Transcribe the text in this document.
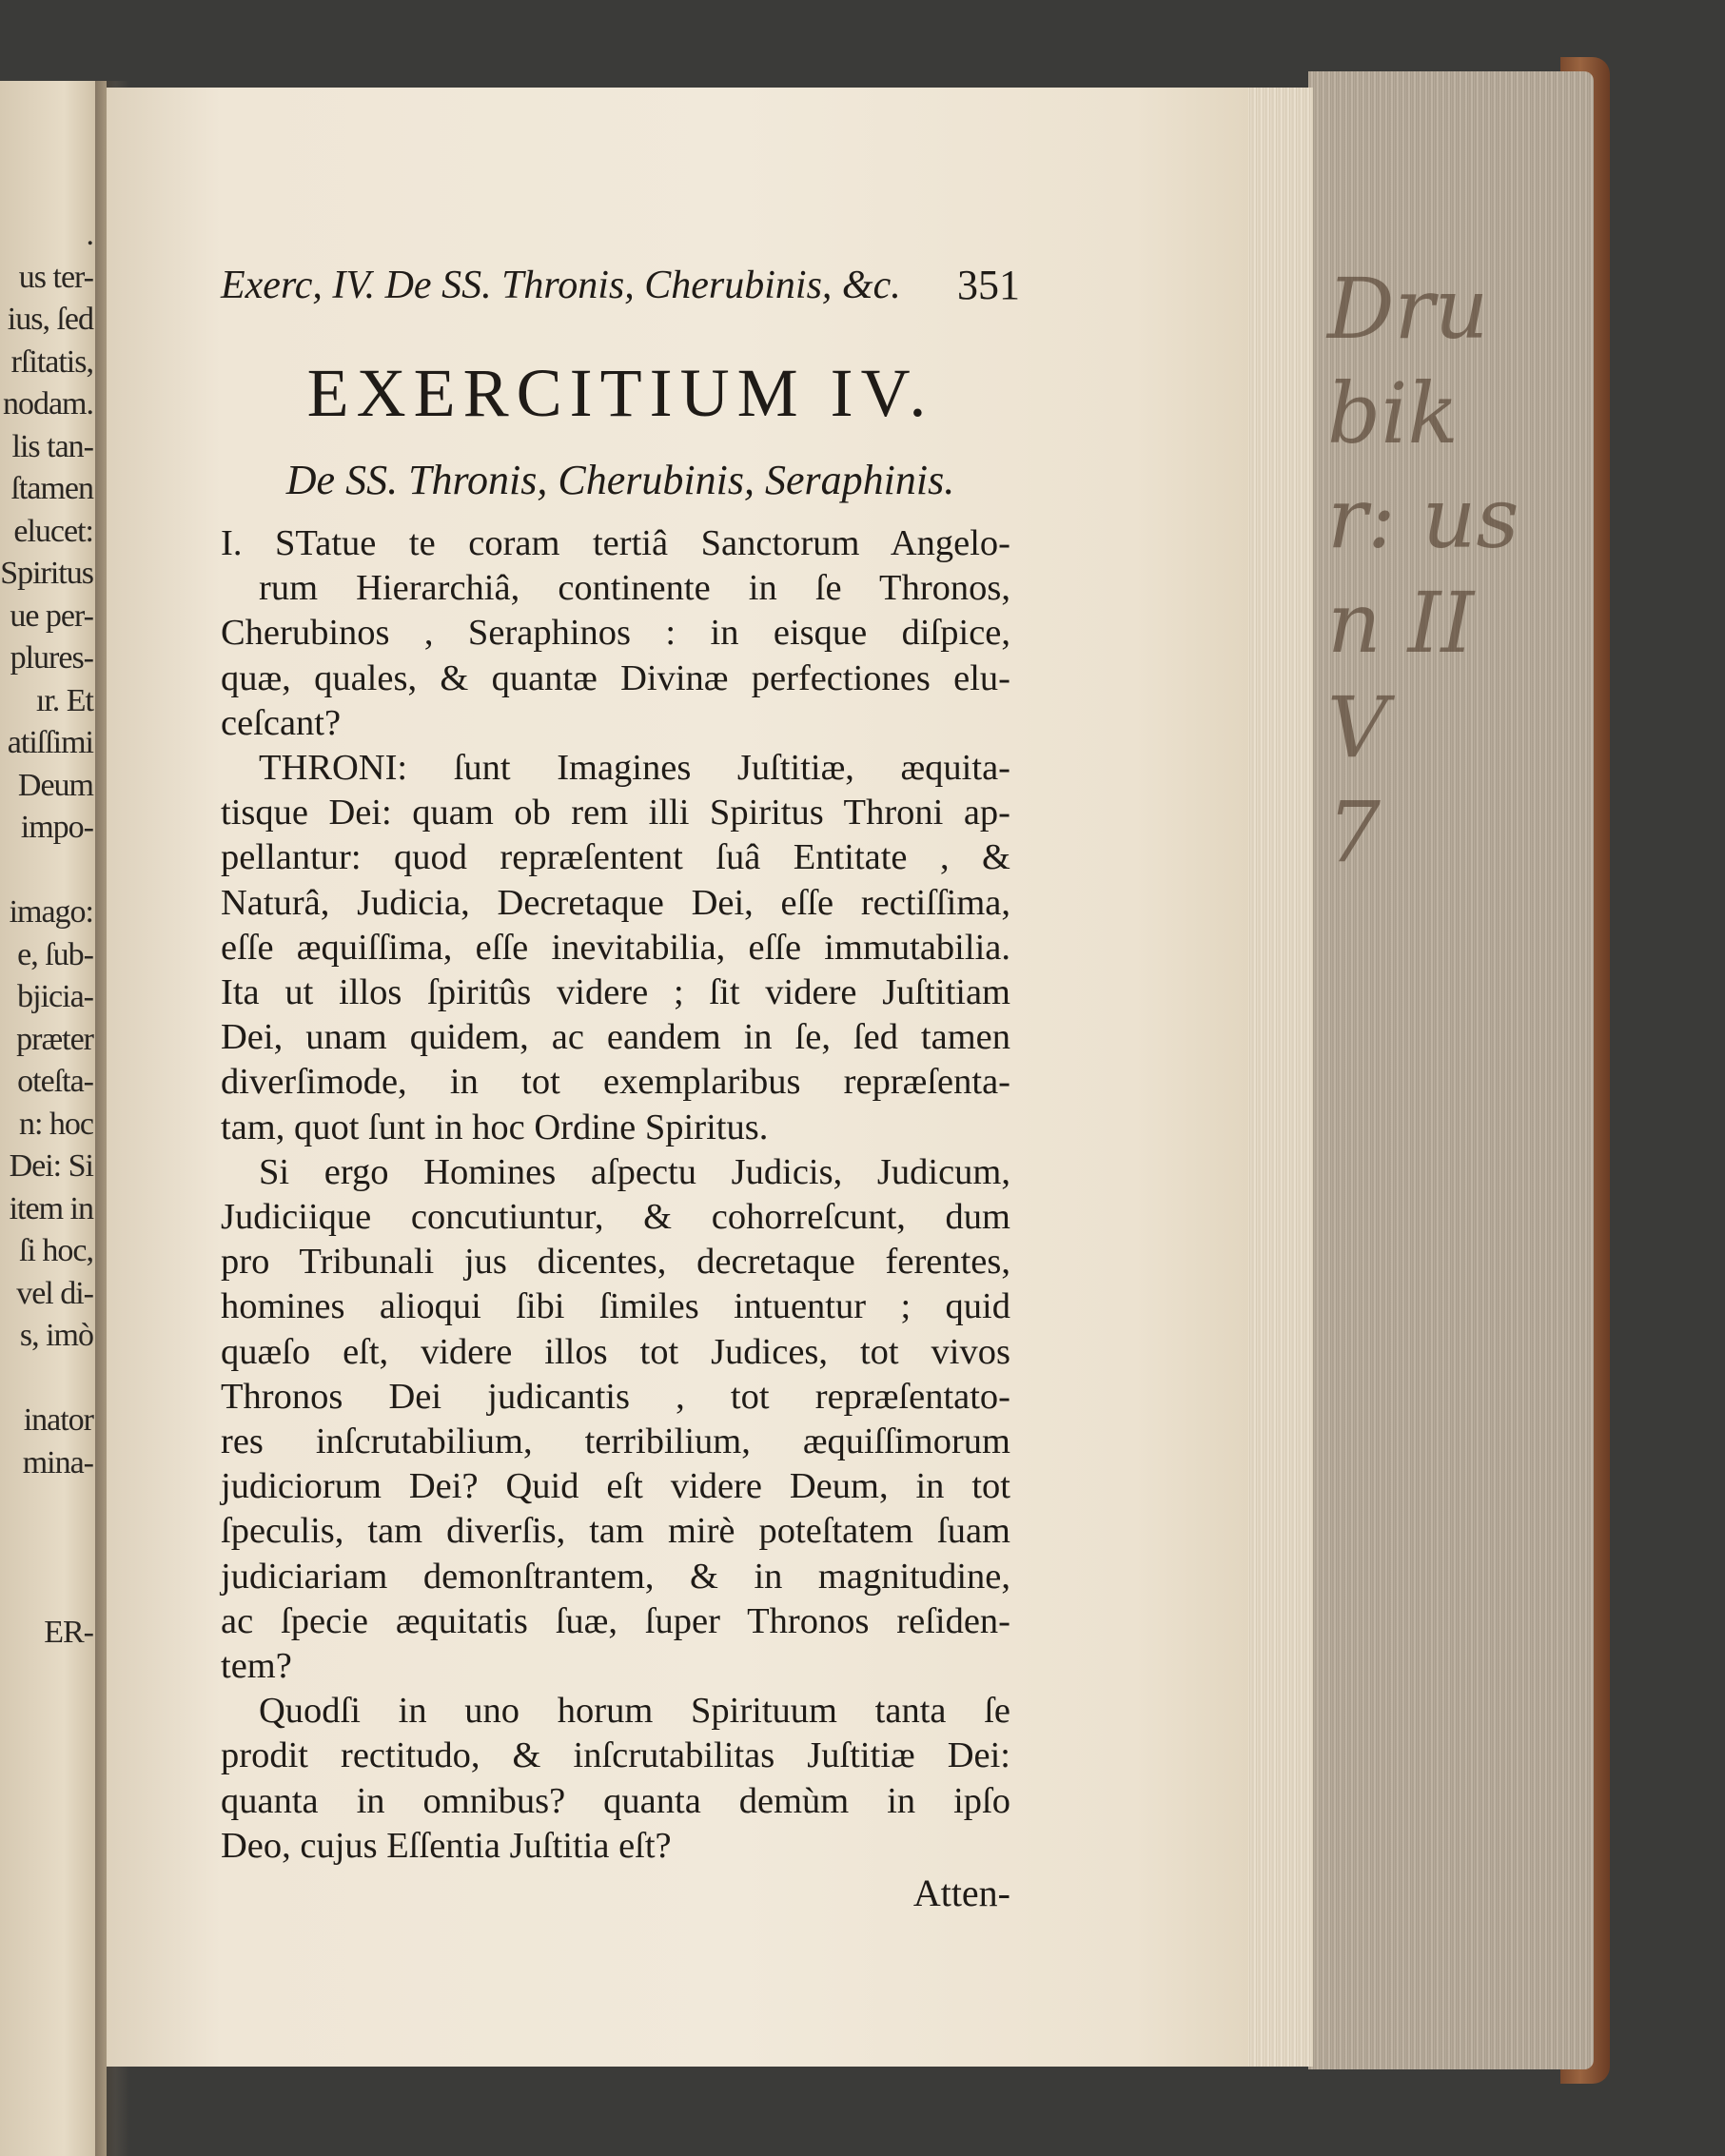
.
us ter-
ius, ſed
rſitatis,
nodam.
lis tan-
ſtamen
elucet:
Spiritus
ue per-
plures-
ır. Et
atiſſimi
Deum
impo-

imago:
e, ſub-
bjicia-
præter
oteſta-
n: hoc
Dei: Si
item in
ſi hoc,
vel di-
s, imò

inator
mina-

ER-
Dru
bik
r: us
n II
V
7
Exerc, IV. De SS. Thronis, Cherubinis, &c. 351
EXERCITIUM IV.
De SS. Thronis, Cherubinis, Seraphinis.
I. STatue te coram tertiâ Sanctorum Angelo-
rum Hierarchiâ, continente in ſe Thronos,
Cherubinos , Seraphinos : in eisque diſpice,
quæ, quales, & quantæ Divinæ perfectiones elu-
ceſcant?
THRONI: ſunt Imagines Juſtitiæ, æquita-
tisque Dei: quam ob rem illi Spiritus Throni ap-
pellantur: quod repræſentent ſuâ Entitate , &
Naturâ, Judicia, Decretaque Dei, eſſe rectiſſima,
eſſe æquiſſima, eſſe inevitabilia, eſſe immutabilia.
Ita ut illos ſpiritûs videre ; ſit videre Juſtitiam
Dei, unam quidem, ac eandem in ſe, ſed tamen
diverſimode, in tot exemplaribus repræſenta-
tam, quot ſunt in hoc Ordine Spiritus.
Si ergo Homines aſpectu Judicis, Judicum,
Judiciique concutiuntur, & cohorreſcunt, dum
pro Tribunali jus dicentes, decretaque ferentes,
homines alioqui ſibi ſimiles intuentur ; quid
quæſo eſt, videre illos tot Judices, tot vivos
Thronos Dei judicantis , tot repræſentato-
res inſcrutabilium, terribilium, æquiſſimorum
judiciorum Dei? Quid eſt videre Deum, in tot
ſpeculis, tam diverſis, tam mirè poteſtatem ſuam
judiciariam demonſtrantem, & in magnitudine,
ac ſpecie æquitatis ſuæ, ſuper Thronos reſiden-
tem?
Quodſi in uno horum Spirituum tanta ſe
prodit rectitudo, & inſcrutabilitas Juſtitiæ Dei:
quanta in omnibus? quanta demùm in ipſo
Deo, cujus Eſſentia Juſtitia eſt?
Atten-
